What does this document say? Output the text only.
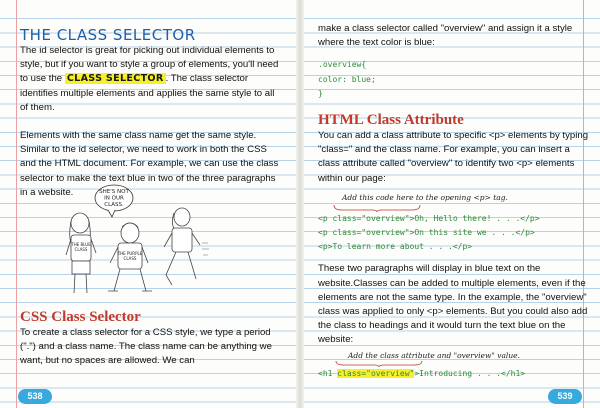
THE CLASS SELECTOR

The id selector is great for picking out individual elements to style, but if you want to style a group of elements, you'll need to use the CLASS SELECTOR . The class selector identifies multiple elements and applies the same style to all of them.

Elements with the same class name get the same style. Similar to the id selector, we need to work in both the CSS and the HTML document. For example, we can use the class selector to make the text blue in two of the three paragraphs in a website.	SHE'S NOT
IN OUR
CLASS.
THE BLUE
CLASS
THE PURPLE
CLASS
CSS Class Selector

To create a class selector for a CSS style, we type a period (".") and a class name. The class name can be anything we want, but no spaces are allowed. We can

538

make a class selector called "overview" and assign it a style where the text color is blue:

.overview{

color: blue;

}

HTML Class Attribute

You can add a class attribute to specific <p> elements by typing "class=" and the class name. For example, you can insert a class attribute called "overview" to identify two <p> elements within our page:

Add this code here to the opening <p> tag.

<p class="overview">Oh, Hello there! . . .</p>

<p class="overview">On this site we . . .</p>

<p>To learn more about . . .</p>

These two paragraphs will display in blue text on the website.Classes can be added to multiple elements, even if the elements are not the same type. In the example, the "overview" class was applied to only <p> elements. But you could also add the class to headings and it would turn the text blue on the website:

Add the class attribute and "overview" value.

<h1 class="overview">Introducing . . .</h1>

539
